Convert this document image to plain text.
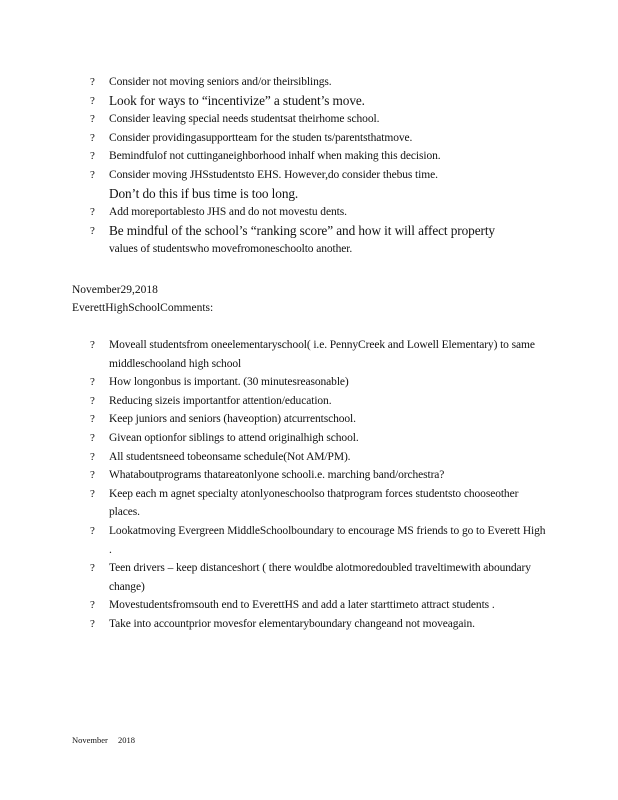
? Consider not moving seniors and/or theirsiblings.
? Look for ways to “incentivize” a student’s move.
? Consider leaving special needs studentsat theirhome school.
? Consider providingasupportteam for the studen ts/parentsthatmove.
? Bemindfulof not cuttinganeighborhood inhalf when making this decision.
? Consider moving JHSstudentsto EHS. However,do consider thebus time.
Don’t do this if bus time is too long.
? Add moreportablesto JHS and do not movestu dents.
? Be mindful of the school’s “ranking score” and how it will affect property
values of studentswho movefromoneschoolto another.
November29,2018
EverettHighSchoolComments:
? Moveall studentsfrom oneelementaryschool( i.e. PennyCreek and Lowell Elementary) to same middleschooland high school
? How longonbus is important. (30 minutesreasonable)
? Reducing sizeis importantfor attention/education.
? Keep juniors and seniors (haveoption) atcurrentschool.
? Givean optionfor siblings to attend originalhigh school.
? All studentsneed tobeonsame schedule(Not AM/PM).
? Whataboutprograms thatareatonlyone schooli.e. marching band/orchestra?
? Keep each m agnet specialty atonlyoneschoolso thatprogram forces studentsto chooseother places.
? Lookatmoving Evergreen MiddleSchoolboundary to encourage MS friends to go to Everett High .
? Teen drivers – keep distanceshort ( there wouldbe alotmoredoubled traveltimewith aboundary change)
? Movestudentsfromsouth end to EverettHS and add a later starttimeto attract students .
? Take into accountprior movesfor elementaryboundary changeand not moveagain.
November 2018
